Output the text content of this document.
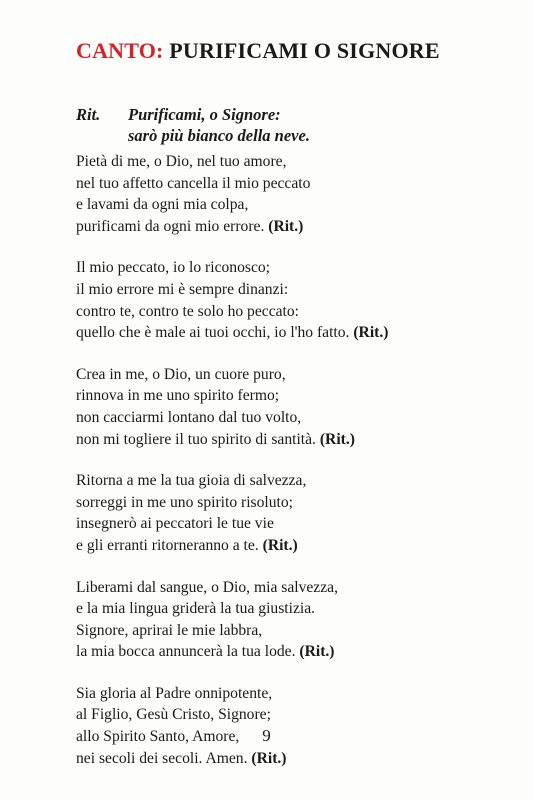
CANTO: PURIFICAMI O SIGNORE
Rit. Purificami, o Signore:
sarò più bianco della neve.
Pietà di me, o Dio, nel tuo amore,
nel tuo affetto cancella il mio peccato
e lavami da ogni mia colpa,
purificami da ogni mio errore. (Rit.)
Il mio peccato, io lo riconosco;
il mio errore mi è sempre dinanzi:
contro te, contro te solo ho peccato:
quello che è male ai tuoi occhi, io l'ho fatto. (Rit.)
Crea in me, o Dio, un cuore puro,
rinnova in me uno spirito fermo;
non cacciarmi lontano dal tuo volto,
non mi togliere il tuo spirito di santità. (Rit.)
Ritorna a me la tua gioia di salvezza,
sorreggi in me uno spirito risoluto;
insegnerò ai peccatori le tue vie
e gli erranti ritorneranno a te. (Rit.)
Liberami dal sangue, o Dio, mia salvezza,
e la mia lingua griderà la tua giustizia.
Signore, aprirai le mie labbra,
la mia bocca annuncerà la tua lode. (Rit.)
Sia gloria al Padre onnipotente,
al Figlio, Gesù Cristo, Signore;
allo Spirito Santo, Amore,
nei secoli dei secoli. Amen. (Rit.)
9
